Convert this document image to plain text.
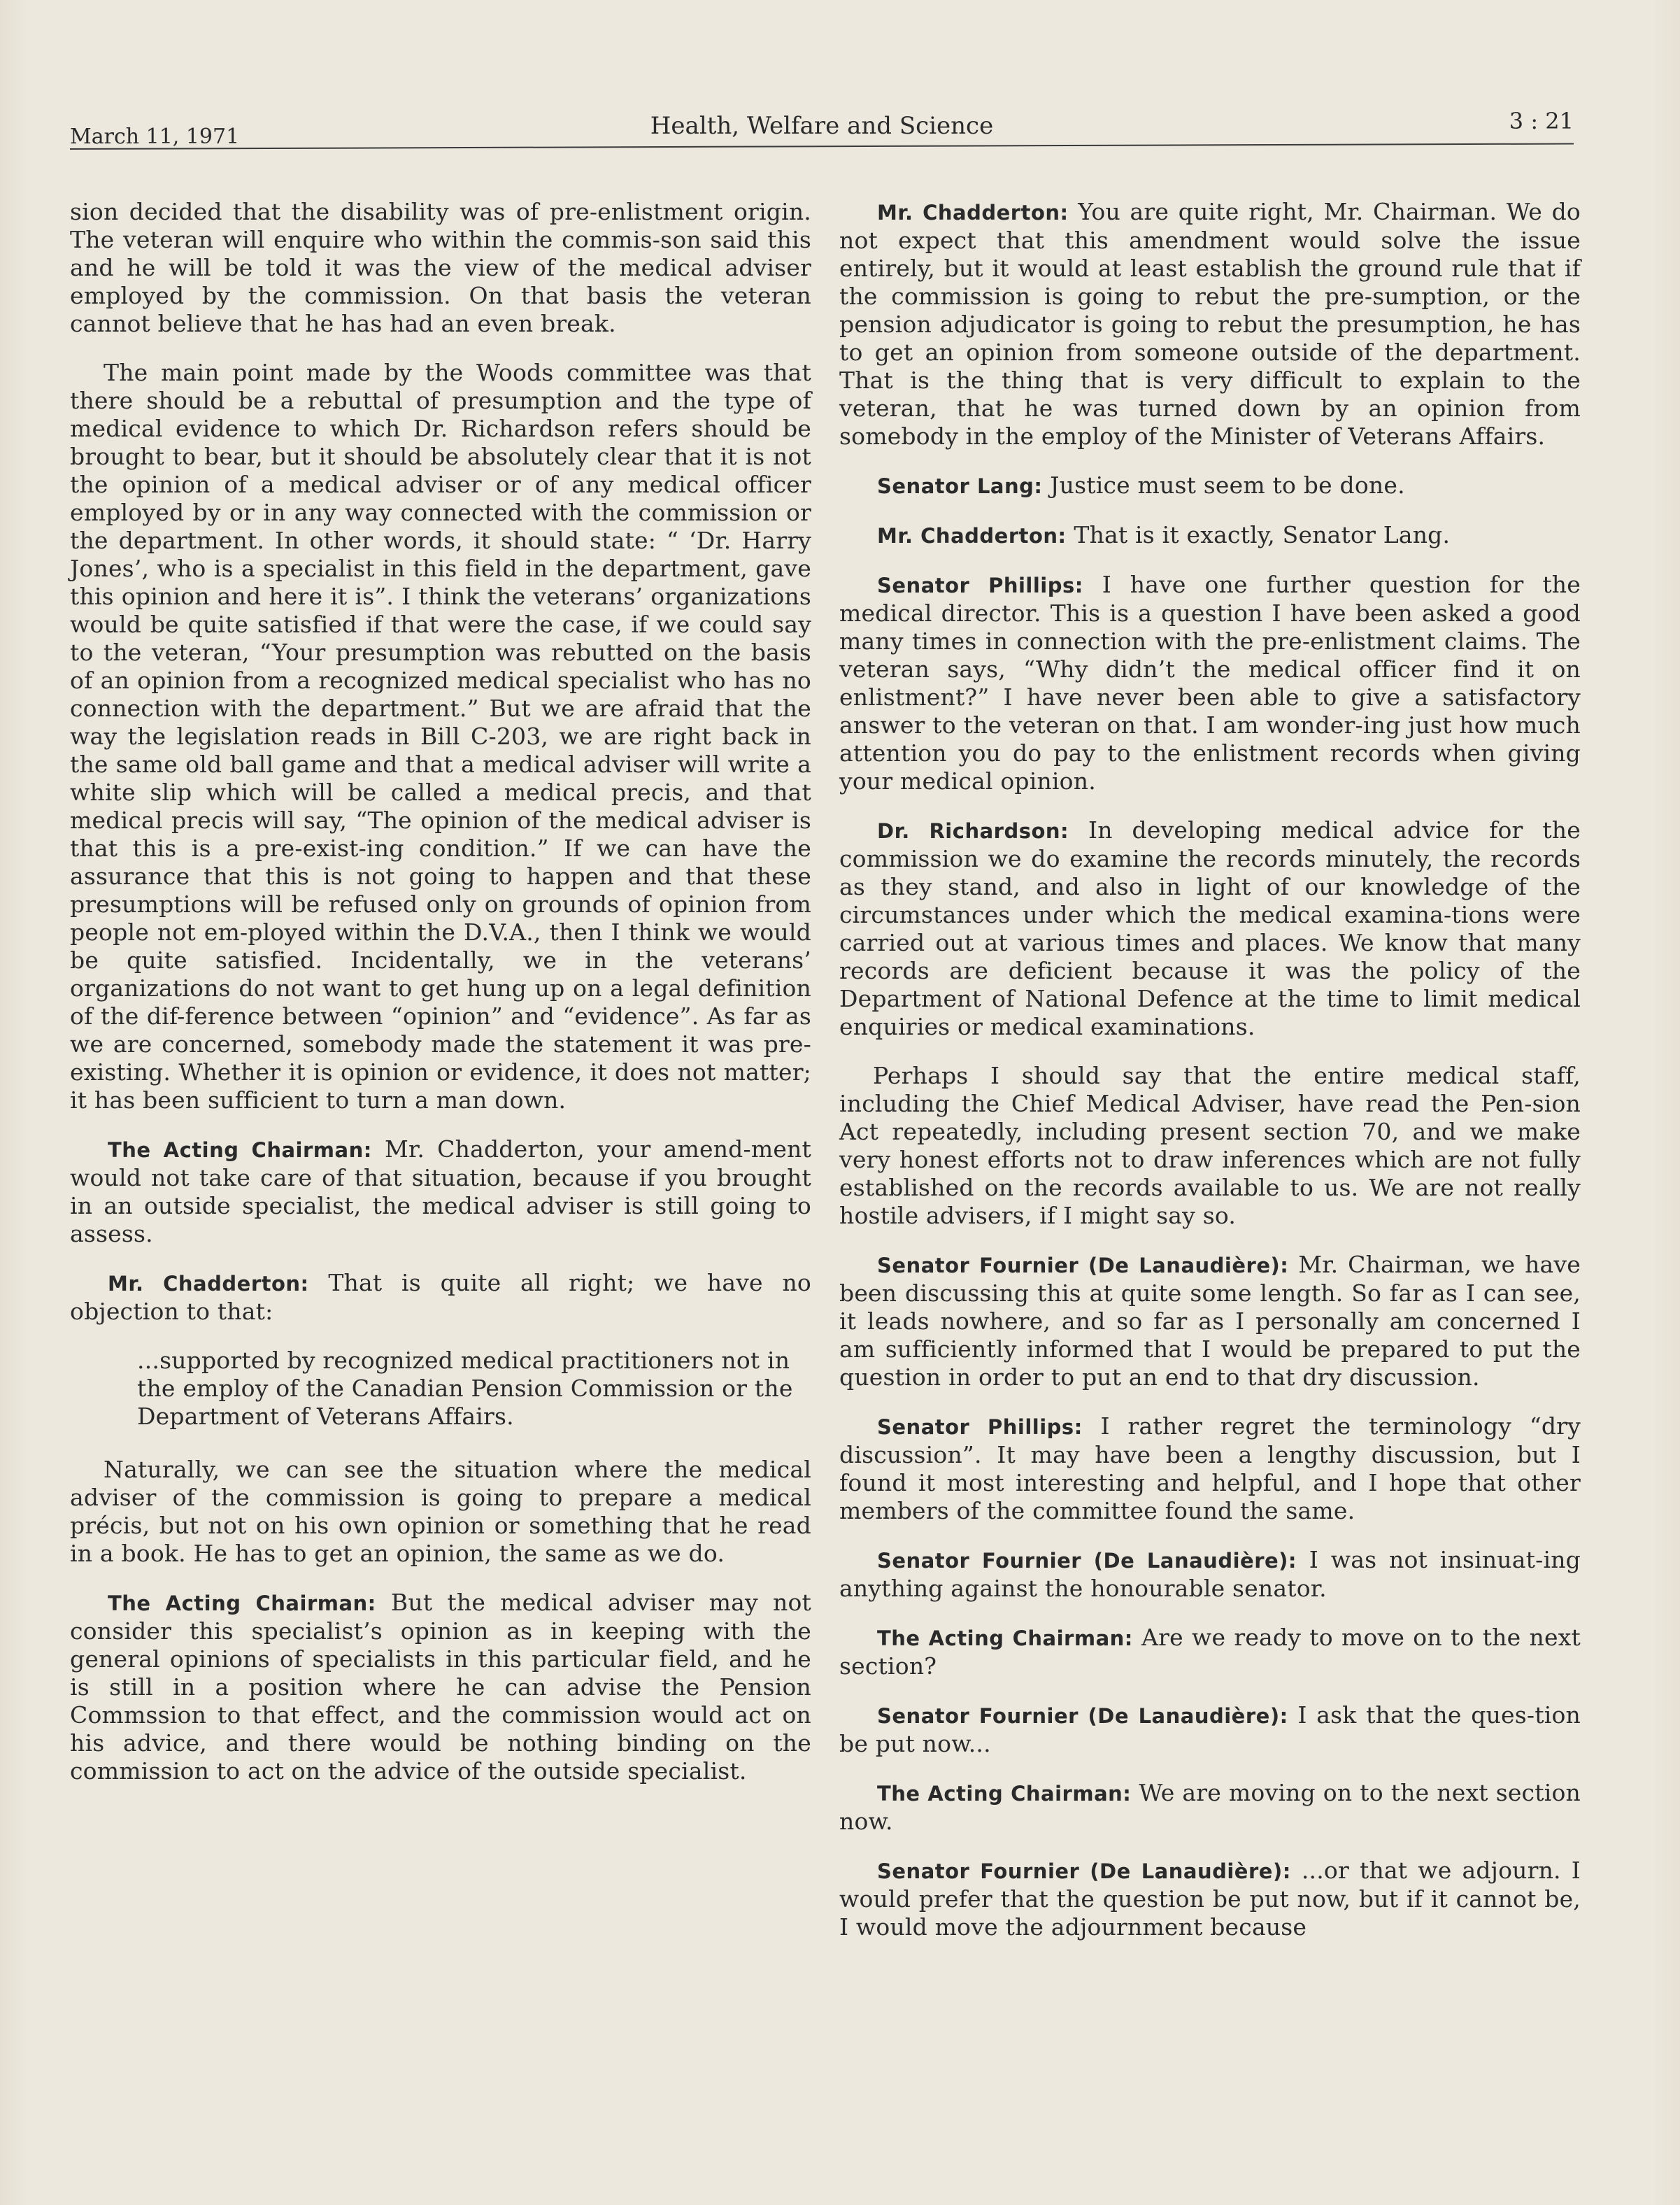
March 11, 1971	Health, Welfare and Science	3 : 21

sion decided that the disability was of pre-enlistment origin. The veteran will enquire who within the commis-son said this and he will be told it was the view of the medical adviser employed by the commission. On that basis the veteran cannot believe that he has had an even break.

The main point made by the Woods committee was that there should be a rebuttal of presumption and the type of medical evidence to which Dr. Richardson refers should be brought to bear, but it should be absolutely clear that it is not the opinion of a medical adviser or of any medical officer employed by or in any way connected with the commission or the department. In other words, it should state: “ ‘Dr. Harry Jones’, who is a specialist in this field in the department, gave this opinion and here it is”. I think the veterans’ organizations would be quite satisfied if that were the case, if we could say to the veteran, “Your presumption was rebutted on the basis of an opinion from a recognized medical specialist who has no connection with the department.” But we are afraid that the way the legislation reads in Bill C-203, we are right back in the same old ball game and that a medical adviser will write a white slip which will be called a medical precis, and that medical precis will say, “The opinion of the medical adviser is that this is a pre-exist-ing condition.” If we can have the assurance that this is not going to happen and that these presumptions will be refused only on grounds of opinion from people not em-ployed within the D.V.A., then I think we would be quite satisfied. Incidentally, we in the veterans’ organizations do not want to get hung up on a legal definition of the dif-ference between “opinion” and “evidence”. As far as we are concerned, somebody made the statement it was pre-existing. Whether it is opinion or evidence, it does not matter; it has been sufficient to turn a man down.

The Acting Chairman: Mr. Chadderton, your amend-ment would not take care of that situation, because if you brought in an outside specialist, the medical adviser is still going to assess.

Mr. Chadderton: That is quite all right; we have no objection to that:

...supported by recognized medical practitioners not in the employ of the Canadian Pension Commission or the Department of Veterans Affairs.

Naturally, we can see the situation where the medical adviser of the commission is going to prepare a medical précis, but not on his own opinion or something that he read in a book. He has to get an opinion, the same as we do.

The Acting Chairman: But the medical adviser may not consider this specialist’s opinion as in keeping with the general opinions of specialists in this particular field, and he is still in a position where he can advise the Pension Commssion to that effect, and the commission would act on his advice, and there would be nothing binding on the commission to act on the advice of the outside specialist.

Mr. Chadderton: You are quite right, Mr. Chairman. We do not expect that this amendment would solve the issue entirely, but it would at least establish the ground rule that if the commission is going to rebut the pre-sumption, or the pension adjudicator is going to rebut the presumption, he has to get an opinion from someone outside of the department. That is the thing that is very difficult to explain to the veteran, that he was turned down by an opinion from somebody in the employ of the Minister of Veterans Affairs.

Senator Lang: Justice must seem to be done.

Mr. Chadderton: That is it exactly, Senator Lang.

Senator Phillips: I have one further question for the medical director. This is a question I have been asked a good many times in connection with the pre-enlistment claims. The veteran says, “Why didn’t the medical officer find it on enlistment?” I have never been able to give a satisfactory answer to the veteran on that. I am wonder-ing just how much attention you do pay to the enlistment records when giving your medical opinion.

Dr. Richardson: In developing medical advice for the commission we do examine the records minutely, the records as they stand, and also in light of our knowledge of the circumstances under which the medical examina-tions were carried out at various times and places. We know that many records are deficient because it was the policy of the Department of National Defence at the time to limit medical enquiries or medical examinations.

Perhaps I should say that the entire medical staff, including the Chief Medical Adviser, have read the Pen-sion Act repeatedly, including present section 70, and we make very honest efforts not to draw inferences which are not fully established on the records available to us. We are not really hostile advisers, if I might say so.

Senator Fournier (De Lanaudière): Mr. Chairman, we have been discussing this at quite some length. So far as I can see, it leads nowhere, and so far as I personally am concerned I am sufficiently informed that I would be prepared to put the question in order to put an end to that dry discussion.

Senator Phillips: I rather regret the terminology “dry discussion”. It may have been a lengthy discussion, but I found it most interesting and helpful, and I hope that other members of the committee found the same.

Senator Fournier (De Lanaudière): I was not insinuat-ing anything against the honourable senator.

The Acting Chairman: Are we ready to move on to the next section?

Senator Fournier (De Lanaudière): I ask that the ques-tion be put now...

The Acting Chairman: We are moving on to the next section now.

Senator Fournier (De Lanaudière): ...or that we adjourn. I would prefer that the question be put now, but if it cannot be, I would move the adjournment because
